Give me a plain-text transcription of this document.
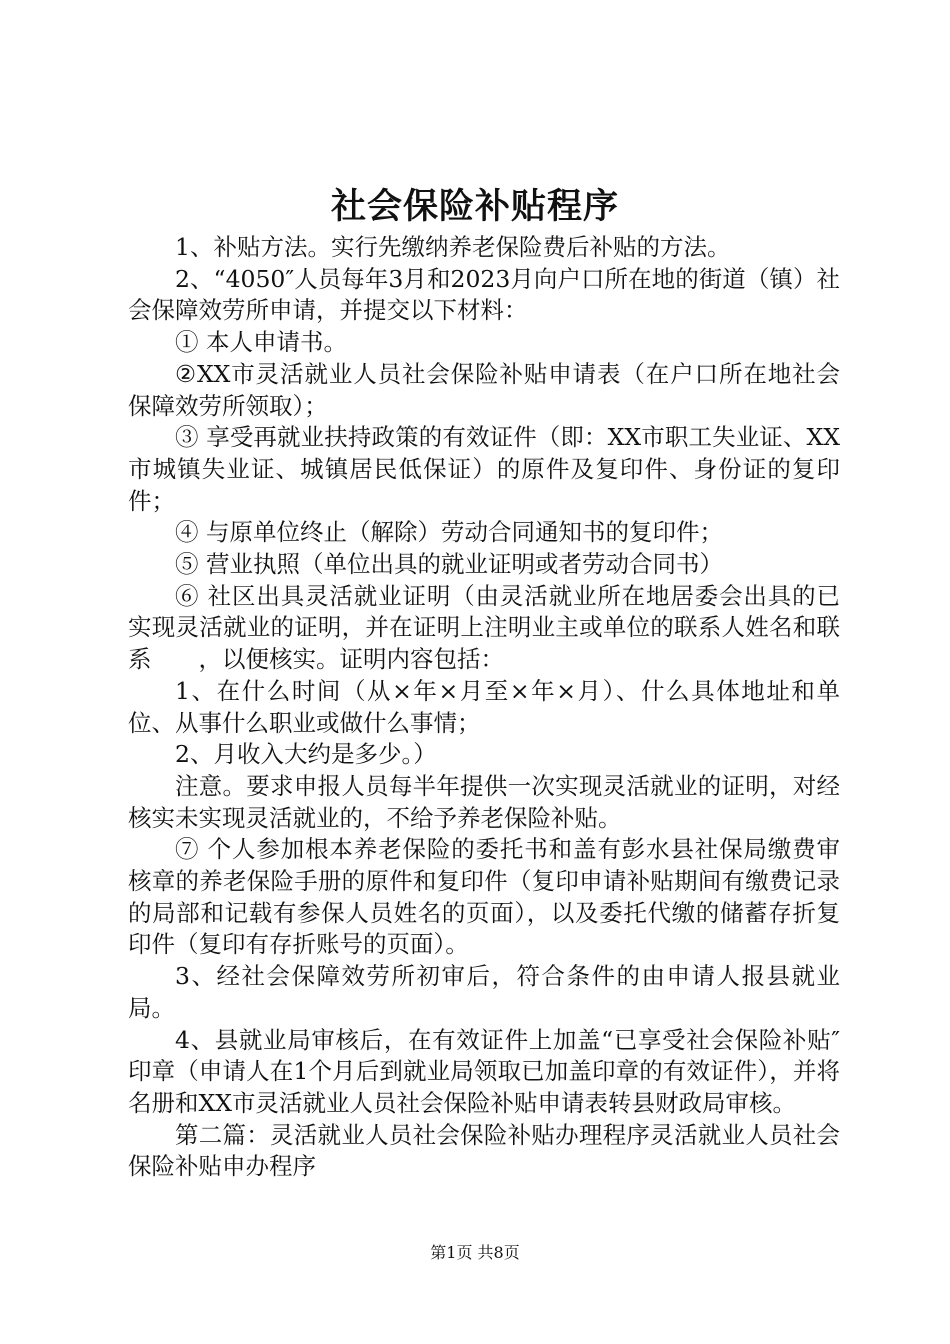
社会保险补贴程序

1、补贴方法。实行先缴纳养老保险费后补贴的方法。

2、“4050″人员每年3月和2023月向户口所在地的街道（镇）社会保障效劳所申请，并提交以下材料：

① 本人申请书。

②XX市灵活就业人员社会保险补贴申请表（在户口所在地社会保障效劳所领取）；

③ 享受再就业扶持政策的有效证件（即：XX市职工失业证、XX市城镇失业证、城镇居民低保证）的原件及复印件、身份证的复印件；

④ 与原单位终止（解除）劳动合同通知书的复印件；

⑤ 营业执照（单位出具的就业证明或者劳动合同书）

⑥ 社区出具灵活就业证明（由灵活就业所在地居委会出具的已实现灵活就业的证明，并在证明上注明业主或单位的联系人姓名和联系　　，以便核实。证明内容包括：

1、在什么时间（从×年×月至×年×月）、什么具体地址和单位、从事什么职业或做什么事情；

2、月收入大约是多少。）

注意。要求申报人员每半年提供一次实现灵活就业的证明，对经核实未实现灵活就业的，不给予养老保险补贴。

⑦ 个人参加根本养老保险的委托书和盖有彭水县社保局缴费审核章的养老保险手册的原件和复印件（复印申请补贴期间有缴费记录的局部和记载有参保人员姓名的页面），以及委托代缴的储蓄存折复印件（复印有存折账号的页面）。

3、经社会保障效劳所初审后，符合条件的由申请人报县就业局。

4、县就业局审核后，在有效证件上加盖“已享受社会保险补贴″印章（申请人在1个月后到就业局领取已加盖印章的有效证件），并将名册和XX市灵活就业人员社会保险补贴申请表转县财政局审核。

第二篇：灵活就业人员社会保险补贴办理程序灵活就业人员社会保险补贴申办程序

第1页 共8页
